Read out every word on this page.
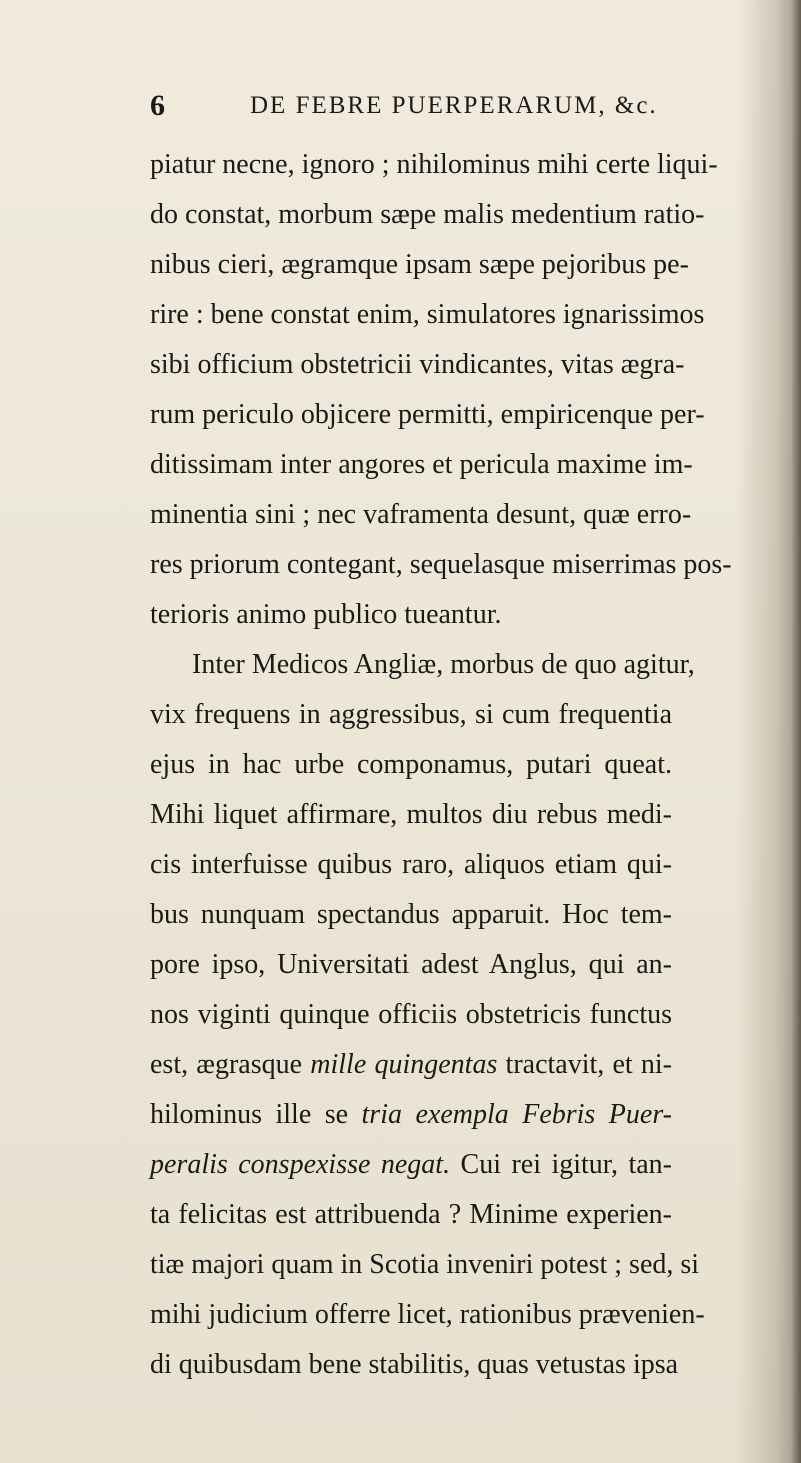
6	DE FEBRE PUERPERARUM, &c.
piatur necne, ignoro ; nihilominus mihi certe liqui-
do constat, morbum sæpe malis medentium ratio-
nibus cieri, ægramque ipsam sæpe pejoribus pe-
rire : bene constat enim, simulatores ignarissimos
sibi officium obstetricii vindicantes, vitas ægra-
rum periculo objicere permitti, empiricenque per-
ditissimam inter angores et pericula maxime im-
minentia sini ; nec vaframenta desunt, quæ erro-
res priorum contegant, sequelasque miserrimas pos-
terioris animo publico tueantur.
Inter Medicos Angliæ, morbus de quo agitur,
vix frequens in aggressibus, si cum frequentia
ejus in hac urbe componamus, putari queat.
Mihi liquet affirmare, multos diu rebus medi-
cis interfuisse quibus raro, aliquos etiam qui-
bus nunquam spectandus apparuit. Hoc tem-
pore ipso, Universitati adest Anglus, qui an-
nos viginti quinque officiis obstetricis functus
est, ægrasque mille quingentas tractavit, et ni-
hilominus ille se tria exempla Febris Puer-
peralis conspexisse negat. Cui rei igitur, tan-
ta felicitas est attribuenda ? Minime experien-
tiæ majori quam in Scotia inveniri potest ; sed, si
mihi judicium offerre licet, rationibus prævenien-
di quibusdam bene stabilitis, quas vetustas ipsa
